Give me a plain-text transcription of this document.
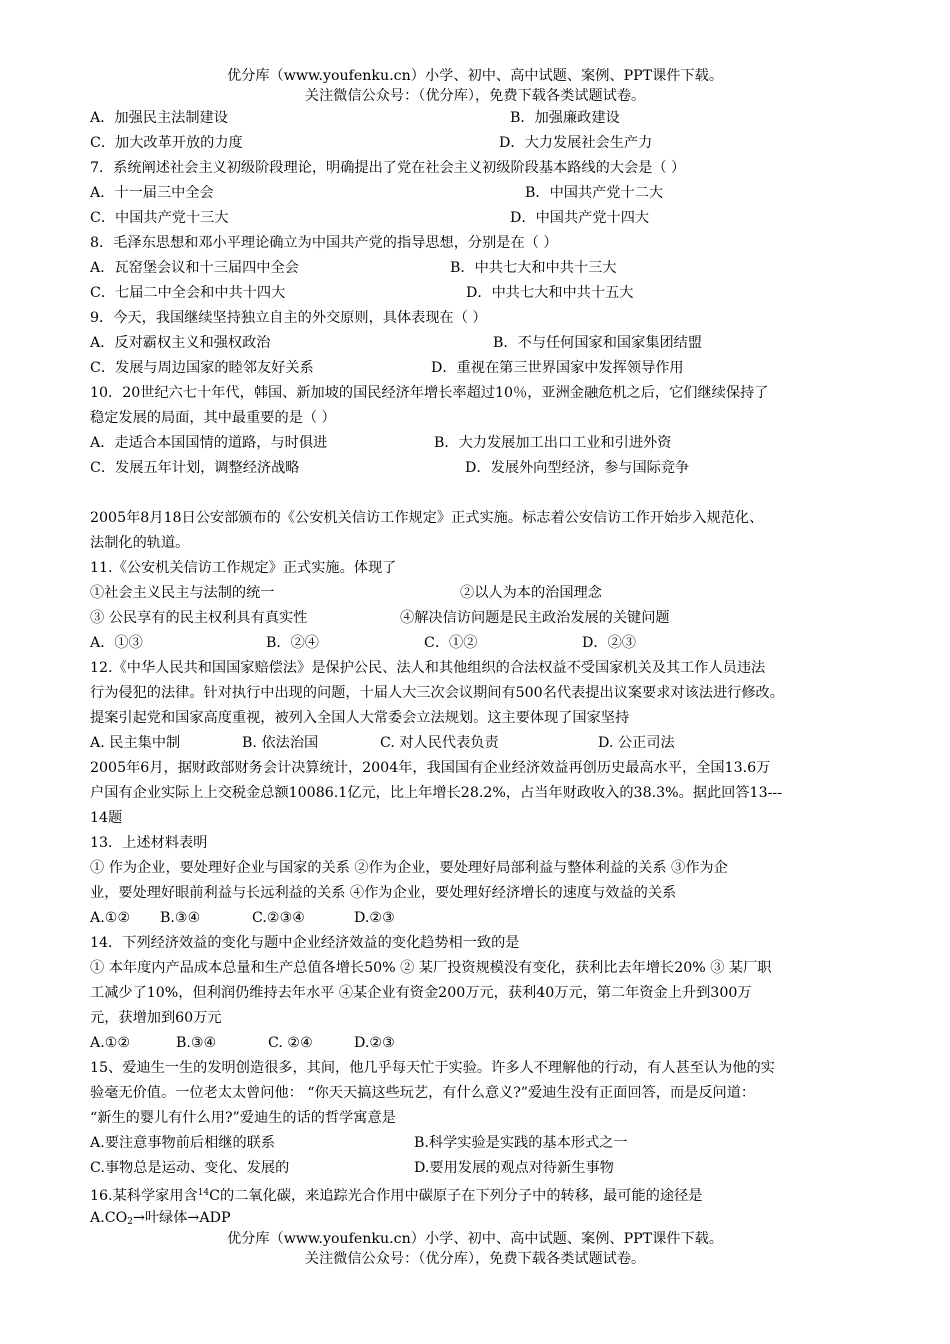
优分库（www.youfenku.cn）小学、初中、高中试题、案例、PPT课件下载。
关注微信公众号：（优分库），免费下载各类试题试卷。
A．加强民主法制建设	B．加强廉政建设
C．加大改革开放的力度	D．大力发展社会生产力
7．系统阐述社会主义初级阶段理论，明确提出了党在社会主义初级阶段基本路线的大会是（ ）
A．十一届三中全会	B．中国共产党十二大
C．中国共产党十三大	D．中国共产党十四大
8．毛泽东思想和邓小平理论确立为中国共产党的指导思想，分别是在（ ）
A．瓦窑堡会议和十三届四中全会	B．中共七大和中共十三大
C．七届二中全会和中共十四大	D．中共七大和中共十五大
9．今天，我国继续坚持独立自主的外交原则，具体表现在（ ）
A．反对霸权主义和强权政治	B．不与任何国家和国家集团结盟
C．发展与周边国家的睦邻友好关系	D．重视在第三世界国家中发挥领导作用
10．20世纪六七十年代，韩国、新加坡的国民经济年增长率超过10％，亚洲金融危机之后，它们继续保持了
稳定发展的局面，其中最重要的是（ ）
A．走适合本国国情的道路，与时俱进	B．大力发展加工出口工业和引进外资
C．发展五年计划，调整经济战略	D．发展外向型经济，参与国际竞争
2005年8月18日公安部颁布的《公安机关信访工作规定》正式实施。标志着公安信访工作开始步入规范化、
法制化的轨道。
11.《公安机关信访工作规定》正式实施。体现了
①社会主义民主与法制的统一	②以人为本的治国理念
③ 公民享有的民主权利具有真实性	④解决信访问题是民主政治发展的关键问题
A．①③	B．②④	C．①②	D．②③
12.《中华人民共和国国家赔偿法》是保护公民、法人和其他组织的合法权益不受国家机关及其工作人员违法
行为侵犯的法律。针对执行中出现的问题，十届人大三次会议期间有500名代表提出议案要求对该法进行修改。
提案引起党和国家高度重视，被列入全国人大常委会立法规划。这主要体现了国家坚持
A. 民主集中制	B. 依法治国	C. 对人民代表负责	D. 公正司法
2005年6月，据财政部财务会计决算统计，2004年，我国国有企业经济效益再创历史最高水平，全国13.6万
户国有企业实际上上交税金总额10086.1亿元，比上年增长28.2%，占当年财政收入的38.3%。据此回答13---
14题
13．上述材料表明
① 作为企业，要处理好企业与国家的关系 ②作为企业，要处理好局部利益与整体利益的关系 ③作为企
业，要处理好眼前利益与长远利益的关系 ④作为企业，要处理好经济增长的速度与效益的关系
A.①② B.③④	C.②③④	D.②③
14．下列经济效益的变化与题中企业经济效益的变化趋势相一致的是
① 本年度内产品成本总量和生产总值各增长50% ② 某厂投资规模没有变化，获利比去年增长20% ③ 某厂职
工减少了10%，但利润仍维持去年水平 ④某企业有资金200万元，获利40万元，第二年资金上升到300万
元，获增加到60万元
A.①②	B.③④	C. ②④	D.②③
15、爱迪生一生的发明创造很多，其间，他几乎每天忙于实验。许多人不理解他的行动，有人甚至认为他的实
验毫无价值。一位老太太曾问他： “你天天搞这些玩艺，有什么意义?”爱迪生没有正面回答，而是反问道：
“新生的婴儿有什么用?”爱迪生的话的哲学寓意是
A.要注意事物前后相继的联系	B.科学实验是实践的基本形式之一
C.事物总是运动、变化、发展的	D.要用发展的观点对待新生事物
16.某科学家用含$^{14}$C的二氧化碳，来追踪光合作用中碳原子在下列分子中的转移，最可能的途径是
$A.CO_2\to$叶绿体→ADP
优分库（www.youfenku.cn）小学、初中、高中试题、案例、PPT课件下载。
关注微信公众号：（优分库），免费下载各类试题试卷。
